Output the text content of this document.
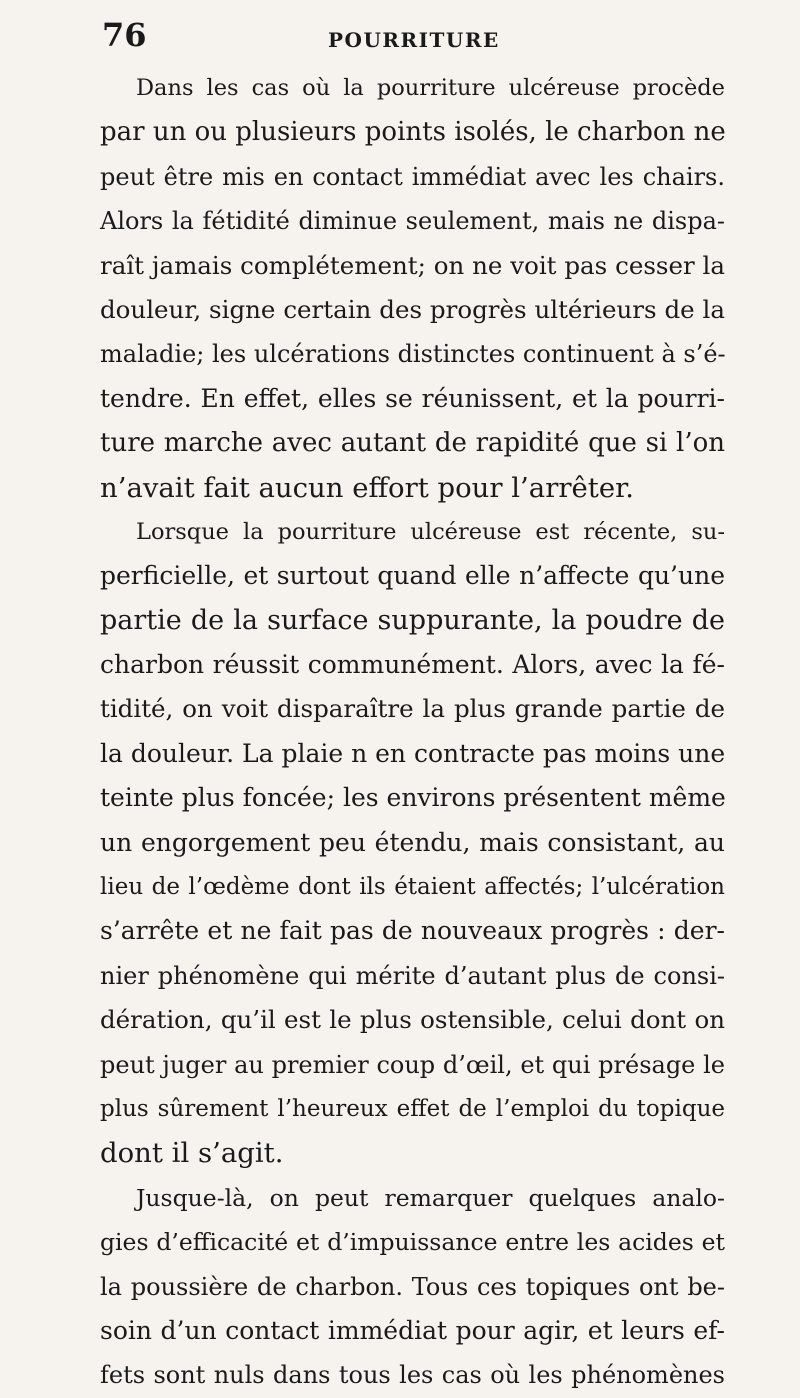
76	POURRITURE
Dans les cas où la pourriture ulcéreuse procède
par un ou plusieurs points isolés, le charbon ne
peut être mis en contact immédiat avec les chairs.
Alors la fétidité diminue seulement, mais ne dispa-
raît jamais complétement; on ne voit pas cesser la
douleur, signe certain des progrès ultérieurs de la
maladie; les ulcérations distinctes continuent à s’é-
tendre. En effet, elles se réunissent, et la pourri-
ture marche avec autant de rapidité que si l’on
n’avait fait aucun effort pour l’arrêter.
Lorsque la pourriture ulcéreuse est récente, su-
perficielle, et surtout quand elle n’affecte qu’une
partie de la surface suppurante, la poudre de
charbon réussit communément. Alors, avec la fé-
tidité, on voit disparaître la plus grande partie de
la douleur. La plaie n en contracte pas moins une
teinte plus foncée; les environs présentent même
un engorgement peu étendu, mais consistant, au
lieu de l’œdème dont ils étaient affectés; l’ulcération
s’arrête et ne fait pas de nouveaux progrès : der-
nier phénomène qui mérite d’autant plus de consi-
dération, qu’il est le plus ostensible, celui dont on
peut juger au premier coup d’œil, et qui présage le
plus sûrement l’heureux effet de l’emploi du topique
dont il s’agit.
Jusque-là, on peut remarquer quelques analo-
gies d’efficacité et d’impuissance entre les acides et
la poussière de charbon. Tous ces topiques ont be-
soin d’un contact immédiat pour agir, et leurs ef-
fets sont nuls dans tous les cas où les phénomènes
